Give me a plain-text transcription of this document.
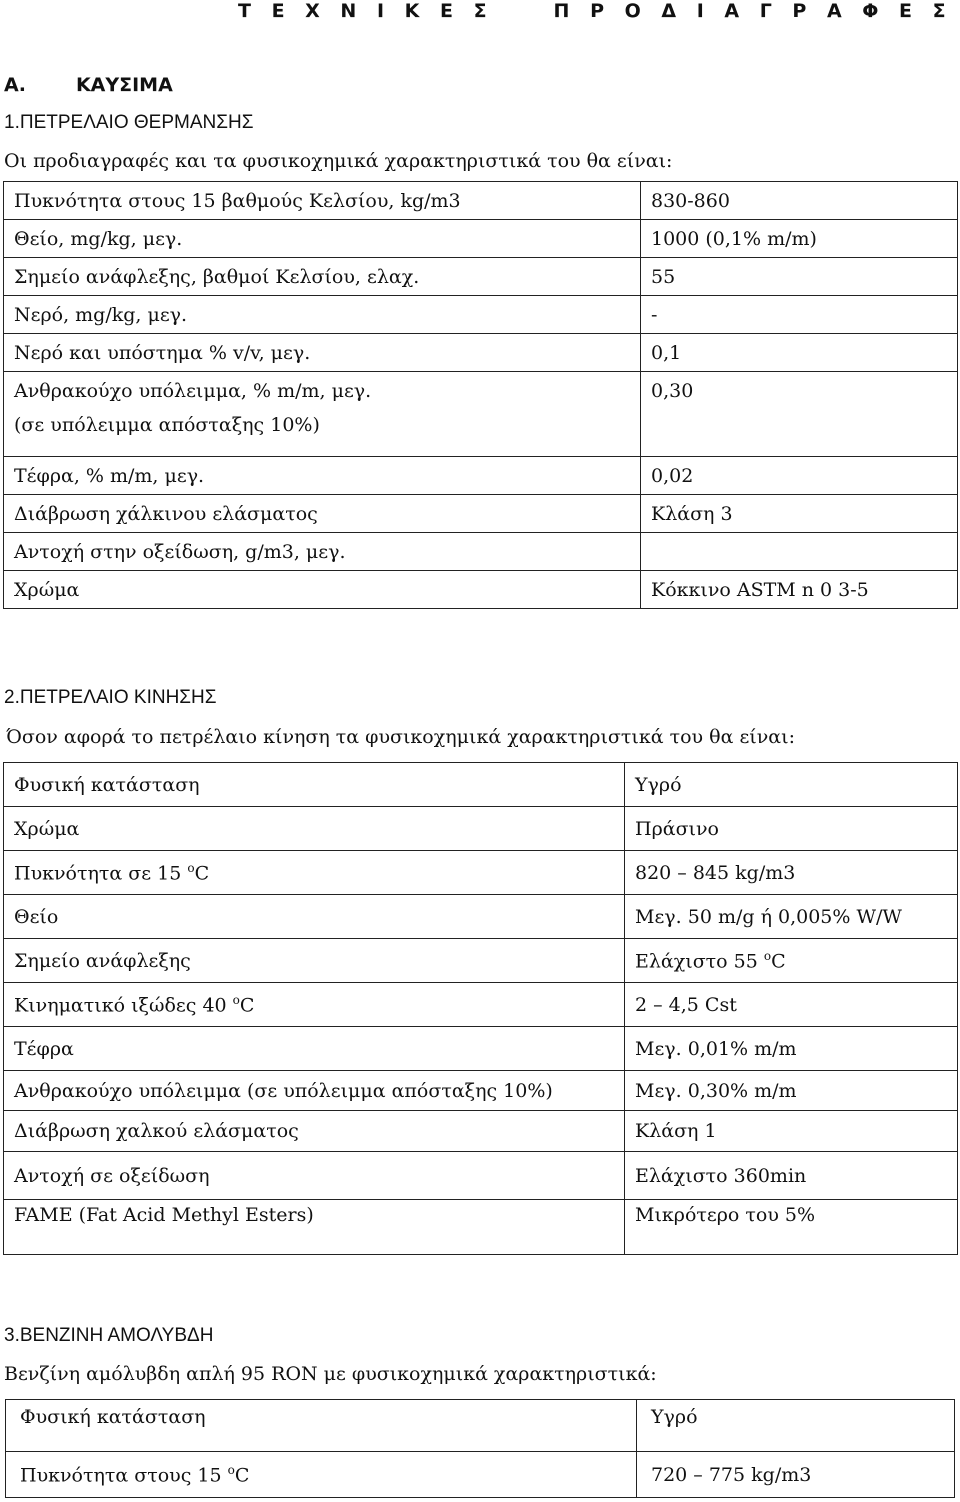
Τ Ε Χ Ν Ι Κ Ε Σ	Π Ρ Ο Δ Ι Α Γ Ρ Α Φ Ε Σ
Α.	ΚΑΥΣΙΜΑ
1.ΠΕΤΡΕΛΑΙΟ ΘΕΡΜΑΝΣΗΣ
Οι προδιαγραφές και τα φυσικοχημικά χαρακτηριστικά του θα είναι:
Πυκνότητα στους 15 βαθμούς Κελσίου, kg/m3	830-860
Θείο, mg/kg, μεγ.	1000 (0,1% m/m)
Σημείο ανάφλεξης, βαθμοί Κελσίου, ελαχ.	55
Νερό, mg/kg, μεγ.	-
Νερό και υπόστημα % v/v, μεγ.	0,1

Ανθρακούχο υπόλειμμα, % m/m, μεγ.
(σε υπόλειμμα απόσταξης 10%)	0,30
Τέφρα, % m/m, μεγ.	0,02
Διάβρωση χάλκινου ελάσματος	Κλάση 3
Αντοχή στην οξείδωση, g/m3, μεγ.	
Χρώμα	Κόκκινο ASTM n 0 3-5
2.ΠΕΤΡΕΛΑΙΟ ΚΙΝΗΣΗΣ
Όσον αφορά το πετρέλαιο κίνηση τα φυσικοχημικά χαρακτηριστικά του θα είναι:
Φυσική κατάσταση	Υγρό
Χρώμα	Πράσινο
Πυκνότητα σε 15 $^o$C	820 – 845 kg/m3
Θείο	Μεγ. 50 m/g ή 0,005% W/W
Σημείο ανάφλεξης	Ελάχιστο 55 $^o$C
Κινηματικό ιξώδες 40 $^o$C	2 – 4,5 Cst
Τέφρα	Μεγ. 0,01% m/m
Ανθρακούχο υπόλειμμα (σε υπόλειμμα απόσταξης 10%)	Μεγ. 0,30% m/m
Διάβρωση χαλκού ελάσματος	Κλάση 1
Αντοχή σε οξείδωση	Ελάχιστο 360min
FAME (Fat Acid Methyl Esters)	Μικρότερο του 5%
3.ΒΕΝΖΙΝΗ ΑΜΟΛΥΒΔΗ
Βενζίνη αμόλυβδη απλή 95 RON με φυσικοχημικά χαρακτηριστικά:
Φυσική κατάσταση	Υγρό
Πυκνότητα στους 15 $^o$C	720 – 775 kg/m3
